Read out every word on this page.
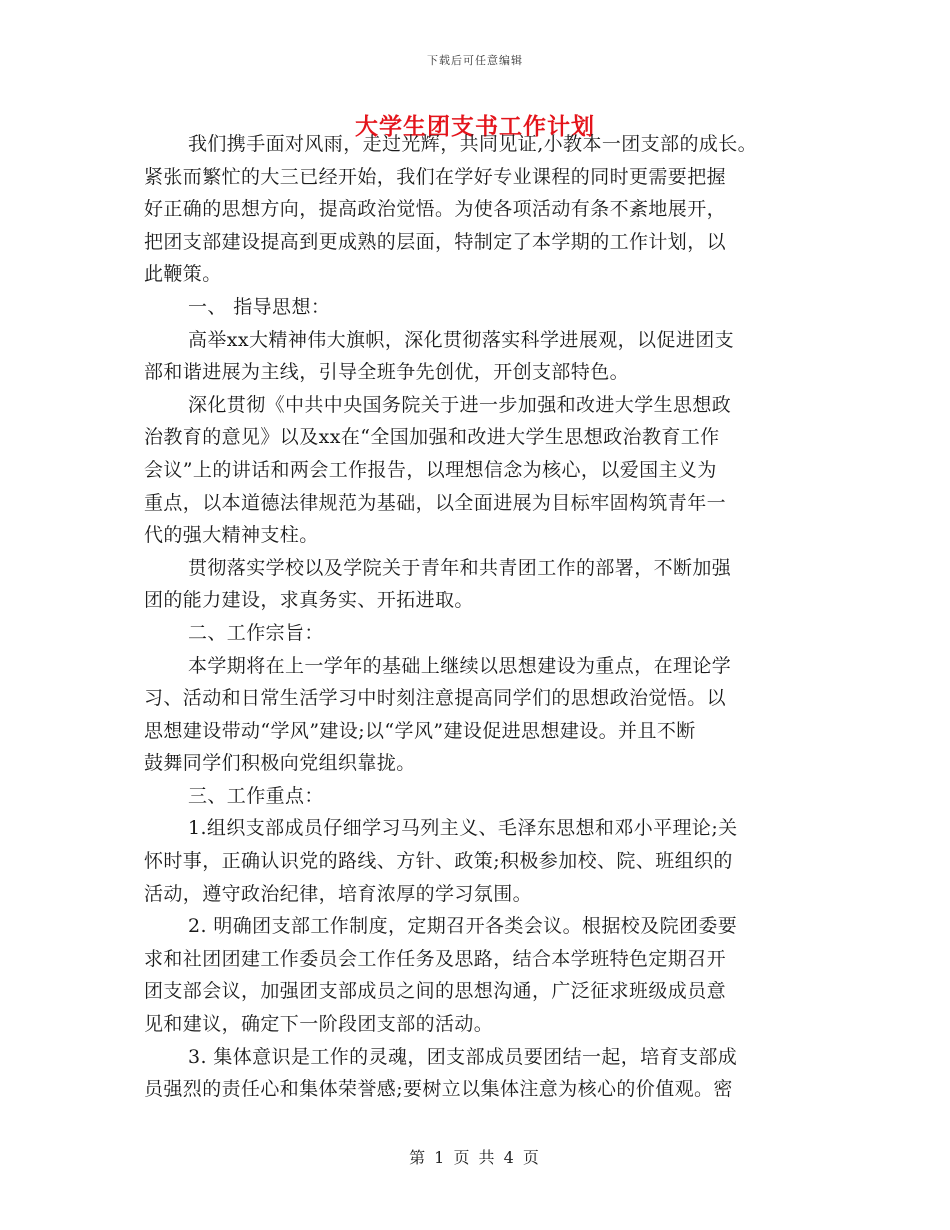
下载后可任意编辑
大学生团支书工作计划
我们携手面对风雨，走过光辉，共同见证,小教本一团支部的成长。
紧张而繁忙的大三已经开始，我们在学好专业课程的同时更需要把握
好正确的思想方向，提高政治觉悟。为使各项活动有条不紊地展开，
把团支部建设提高到更成熟的层面，特制定了本学期的工作计划，以
此鞭策。
一、 指导思想：
高举xx大精神伟大旗帜，深化贯彻落实科学进展观，以促进团支
部和谐进展为主线，引导全班争先创优，开创支部特色。
深化贯彻《中共中央国务院关于进一步加强和改进大学生思想政
治教育的意见》以及xx在“全国加强和改进大学生思想政治教育工作
会议”上的讲话和两会工作报告，以理想信念为核心，以爱国主义为
重点，以本道德法律规范为基础，以全面进展为目标牢固构筑青年一
代的强大精神支柱。
贯彻落实学校以及学院关于青年和共青团工作的部署，不断加强
团的能力建设，求真务实、开拓进取。
二、工作宗旨：
本学期将在上一学年的基础上继续以思想建设为重点，在理论学
习、活动和日常生活学习中时刻注意提高同学们的思想政治觉悟。以
思想建设带动“学风”建设;以“学风”建设促进思想建设。并且不断
鼓舞同学们积极向党组织靠拢。
三、工作重点：
1.组织支部成员仔细学习马列主义、毛泽东思想和邓小平理论;关
怀时事，正确认识党的路线、方针、政策;积极参加校、院、班组织的
活动，遵守政治纪律，培育浓厚的学习氛围。
2. 明确团支部工作制度，定期召开各类会议。根据校及院团委要
求和社团团建工作委员会工作任务及思路，结合本学班特色定期召开
团支部会议，加强团支部成员之间的思想沟通，广泛征求班级成员意
见和建议，确定下一阶段团支部的活动。
3. 集体意识是工作的灵魂，团支部成员要团结一起，培育支部成
员强烈的责任心和集体荣誉感;要树立以集体注意为核心的价值观。密
第 1 页 共 4 页
